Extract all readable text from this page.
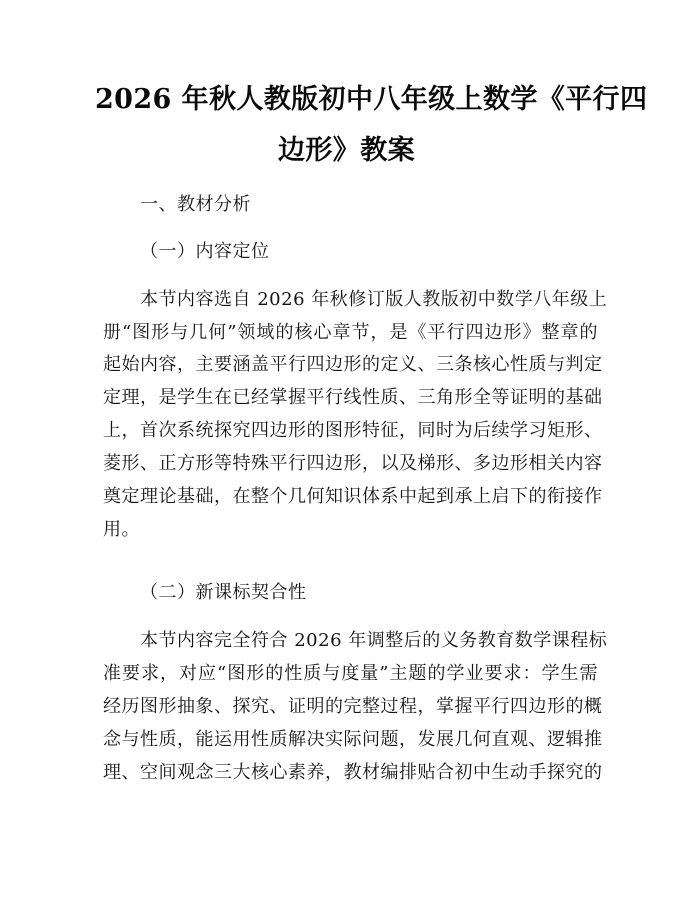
2026 年秋人教版初中八年级上数学《平行四
边形》教案

一、教材分析

（一）内容定位

本节内容选自 2026 年秋修订版人教版初中数学八年级上

册“图形与几何”领域的核心章节，是《平行四边形》整章的

起始内容，主要涵盖平行四边形的定义、三条核心性质与判定

定理，是学生在已经掌握平行线性质、三角形全等证明的基础

上，首次系统探究四边形的图形特征，同时为后续学习矩形、

菱形、正方形等特殊平行四边形，以及梯形、多边形相关内容

奠定理论基础，在整个几何知识体系中起到承上启下的衔接作

用。

（二）新课标契合性

本节内容完全符合 2026 年调整后的义务教育数学课程标

准要求，对应“图形的性质与度量”主题的学业要求：学生需

经历图形抽象、探究、证明的完整过程，掌握平行四边形的概

念与性质，能运用性质解决实际问题，发展几何直观、逻辑推

理、空间观念三大核心素养，教材编排贴合初中生动手探究的
